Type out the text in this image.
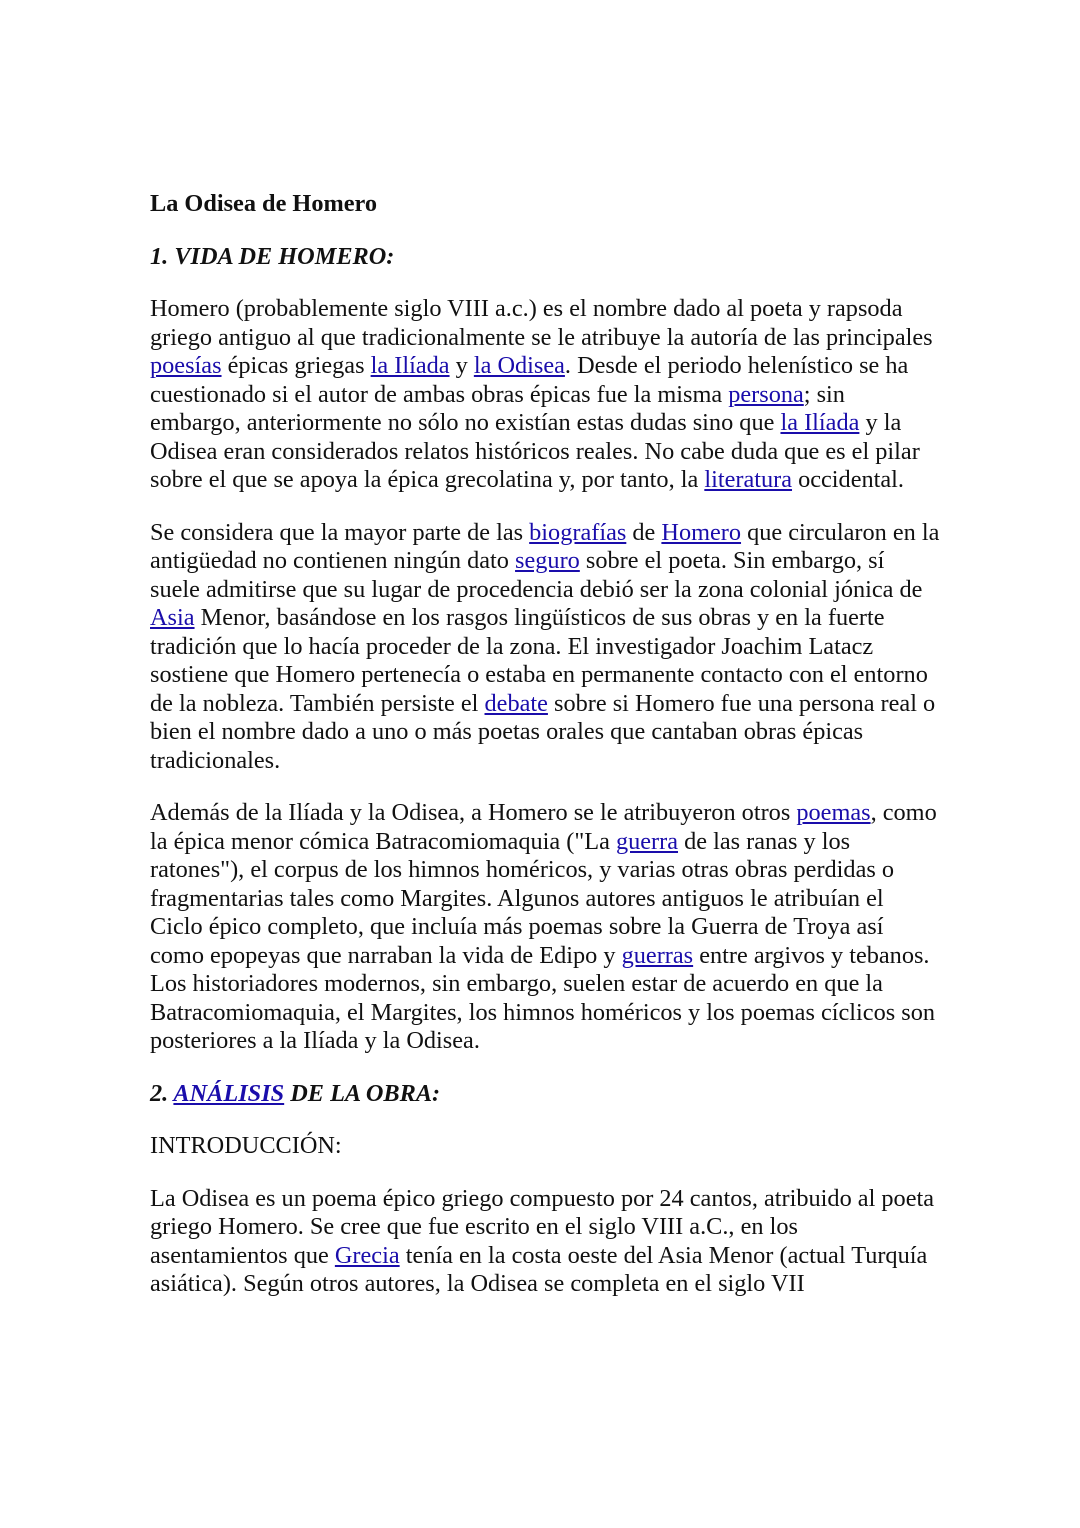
La Odisea de Homero
1. VIDA DE HOMERO:

Homero (probablemente siglo VIII a.c.) es el nombre dado al poeta y rapsoda griego antiguo al que tradicionalmente se le atribuye la autoría de las principales poesías épicas griegas la Ilíada y la Odisea. Desde el periodo helenístico se ha cuestionado si el autor de ambas obras épicas fue la misma persona; sin embargo, anteriormente no sólo no existían estas dudas sino que la Ilíada y la Odisea eran considerados relatos históricos reales. No cabe duda que es el pilar sobre el que se apoya la épica grecolatina y, por tanto, la literatura occidental.

Se considera que la mayor parte de las biografías de Homero que circularon en la antigüedad no contienen ningún dato seguro sobre el poeta. Sin embargo, sí suele admitirse que su lugar de procedencia debió ser la zona colonial jónica de Asia Menor, basándose en los rasgos lingüísticos de sus obras y en la fuerte tradición que lo hacía proceder de la zona. El investigador Joachim Latacz sostiene que Homero pertenecía o estaba en permanente contacto con el entorno de la nobleza. También persiste el debate sobre si Homero fue una persona real o bien el nombre dado a uno o más poetas orales que cantaban obras épicas tradicionales.

Además de la Ilíada y la Odisea, a Homero se le atribuyeron otros poemas, como la épica menor cómica Batracomiomaquia ("La guerra de las ranas y los ratones"), el corpus de los himnos homéricos, y varias otras obras perdidas o fragmentarias tales como Margites. Algunos autores antiguos le atribuían el Ciclo épico completo, que incluía más poemas sobre la Guerra de Troya así como epopeyas que narraban la vida de Edipo y guerras entre argivos y tebanos. Los historiadores modernos, sin embargo, suelen estar de acuerdo en que la Batracomiomaquia, el Margites, los himnos homéricos y los poemas cíclicos son posteriores a la Ilíada y la Odisea.

2. ANÁLISIS DE LA OBRA:
INTRODUCCIÓN:

La Odisea es un poema épico griego compuesto por 24 cantos, atribuido al poeta griego Homero. Se cree que fue escrito en el siglo VIII a.C., en los asentamientos que Grecia tenía en la costa oeste del Asia Menor (actual Turquía asiática). Según otros autores, la Odisea se completa en el siglo VII
